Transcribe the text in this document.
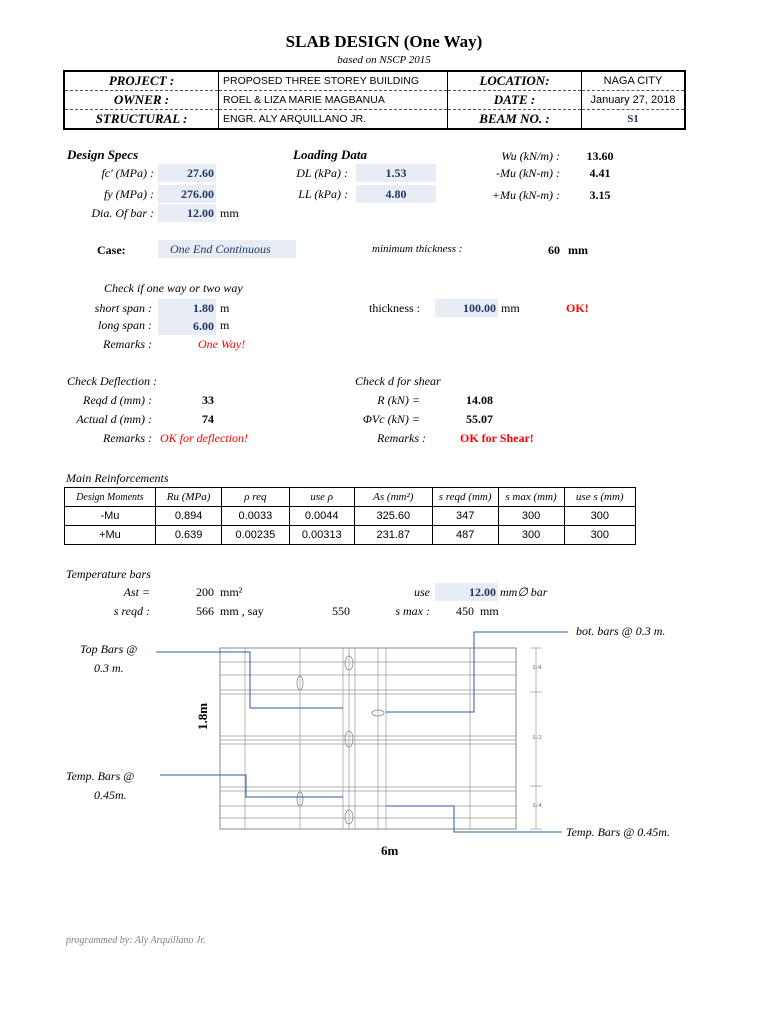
SLAB DESIGN (One Way)
based on NSCP 2015
PROJECT :	PROPOSED THREE STOREY BUILDING	LOCATION:	NAGA CITY
OWNER :	ROEL & LIZA MARIE MAGBANUA	DATE :	January 27, 2018
STRUCTURAL :	ENGR. ALY ARQUILLANO JR.	BEAM NO. :	S1
Design Specs
fc' (MPa) :	27.60
fy (MPa) :	276.00
Dia. Of bar :	12.00 mm
Loading Data
DL (kPa) :	1.53
LL (kPa) :	4.80
Wu (kN/m) :	13.60
-Mu (kN-m) :	4.41
+Mu (kN-m) :	3.15
Case:	One End Continuous	minimum thickness :	60 mm
Check if one way or two way
short span :	1.80 m
long span :	6.00 m
Remarks :	One Way!
thickness :	100.00 mm	OK!
Check Deflection :
Reqd d (mm) :	33
Actual d (mm) :	74
Remarks : OK for deflection!
Check d for shear
R (kN) =	14.08
ΦVc (kN) =	55.07
Remarks :	OK for Shear!
Main Reinforcements
Design Moments	Ru (MPa)	ρ req	use ρ	As (mm²)	s reqd (mm)	s max (mm)	use s (mm)
-Mu	0.894	0.0033	0.0044	325.60	347	300	300
+Mu	0.639	0.00235	0.00313	231.87	487	300	300
Temperature bars
Ast =	200 mm²
s reqd :	566 mm , say	550
use	12.00 mm∅ bar
s max :	450 mm
Top Bars @
0.3 m.
Temp. Bars @
0.45m.
bot. bars @ 0.3 m.
Temp. Bars @ 0.45m.
1.8m
6m
L/4
L/2
L/4
programmed by: Aly Arquillano Jr.
